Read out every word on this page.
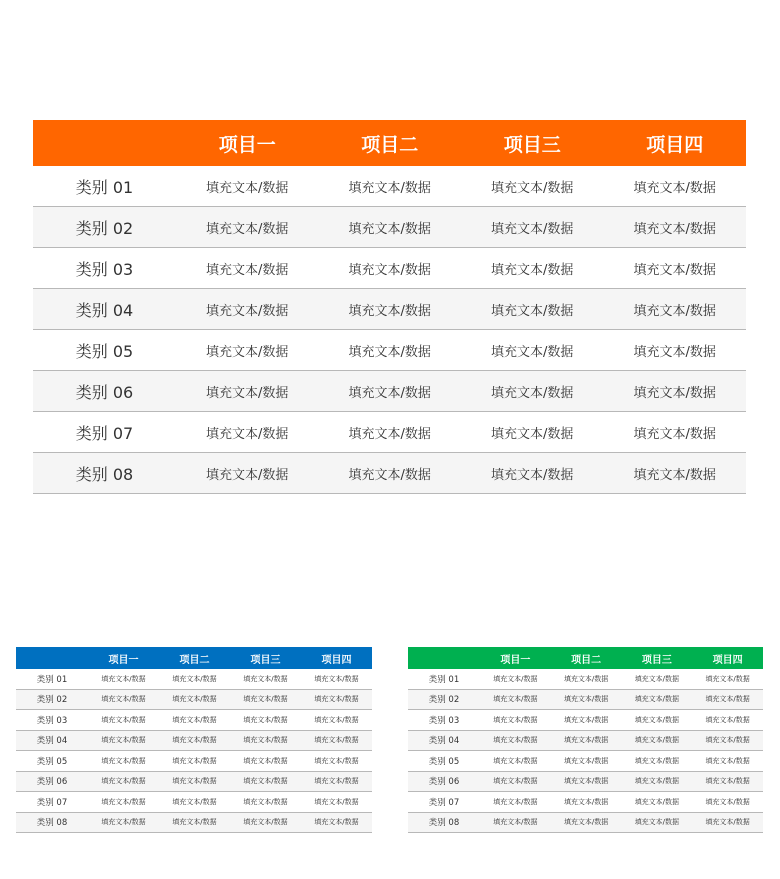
	项目一	项目二	项目三	项目四
类别 01	填充文本/数据	填充文本/数据	填充文本/数据	填充文本/数据
类别 02	填充文本/数据	填充文本/数据	填充文本/数据	填充文本/数据
类别 03	填充文本/数据	填充文本/数据	填充文本/数据	填充文本/数据
类别 04	填充文本/数据	填充文本/数据	填充文本/数据	填充文本/数据
类别 05	填充文本/数据	填充文本/数据	填充文本/数据	填充文本/数据
类别 06	填充文本/数据	填充文本/数据	填充文本/数据	填充文本/数据
类别 07	填充文本/数据	填充文本/数据	填充文本/数据	填充文本/数据
类别 08	填充文本/数据	填充文本/数据	填充文本/数据	填充文本/数据
	项目一	项目二	项目三	项目四
类别 01	填充文本/数据	填充文本/数据	填充文本/数据	填充文本/数据
类别 02	填充文本/数据	填充文本/数据	填充文本/数据	填充文本/数据
类别 03	填充文本/数据	填充文本/数据	填充文本/数据	填充文本/数据
类别 04	填充文本/数据	填充文本/数据	填充文本/数据	填充文本/数据
类别 05	填充文本/数据	填充文本/数据	填充文本/数据	填充文本/数据
类别 06	填充文本/数据	填充文本/数据	填充文本/数据	填充文本/数据
类别 07	填充文本/数据	填充文本/数据	填充文本/数据	填充文本/数据
类别 08	填充文本/数据	填充文本/数据	填充文本/数据	填充文本/数据
	项目一	项目二	项目三	项目四
类别 01	填充文本/数据	填充文本/数据	填充文本/数据	填充文本/数据
类别 02	填充文本/数据	填充文本/数据	填充文本/数据	填充文本/数据
类别 03	填充文本/数据	填充文本/数据	填充文本/数据	填充文本/数据
类别 04	填充文本/数据	填充文本/数据	填充文本/数据	填充文本/数据
类别 05	填充文本/数据	填充文本/数据	填充文本/数据	填充文本/数据
类别 06	填充文本/数据	填充文本/数据	填充文本/数据	填充文本/数据
类别 07	填充文本/数据	填充文本/数据	填充文本/数据	填充文本/数据
类别 08	填充文本/数据	填充文本/数据	填充文本/数据	填充文本/数据
